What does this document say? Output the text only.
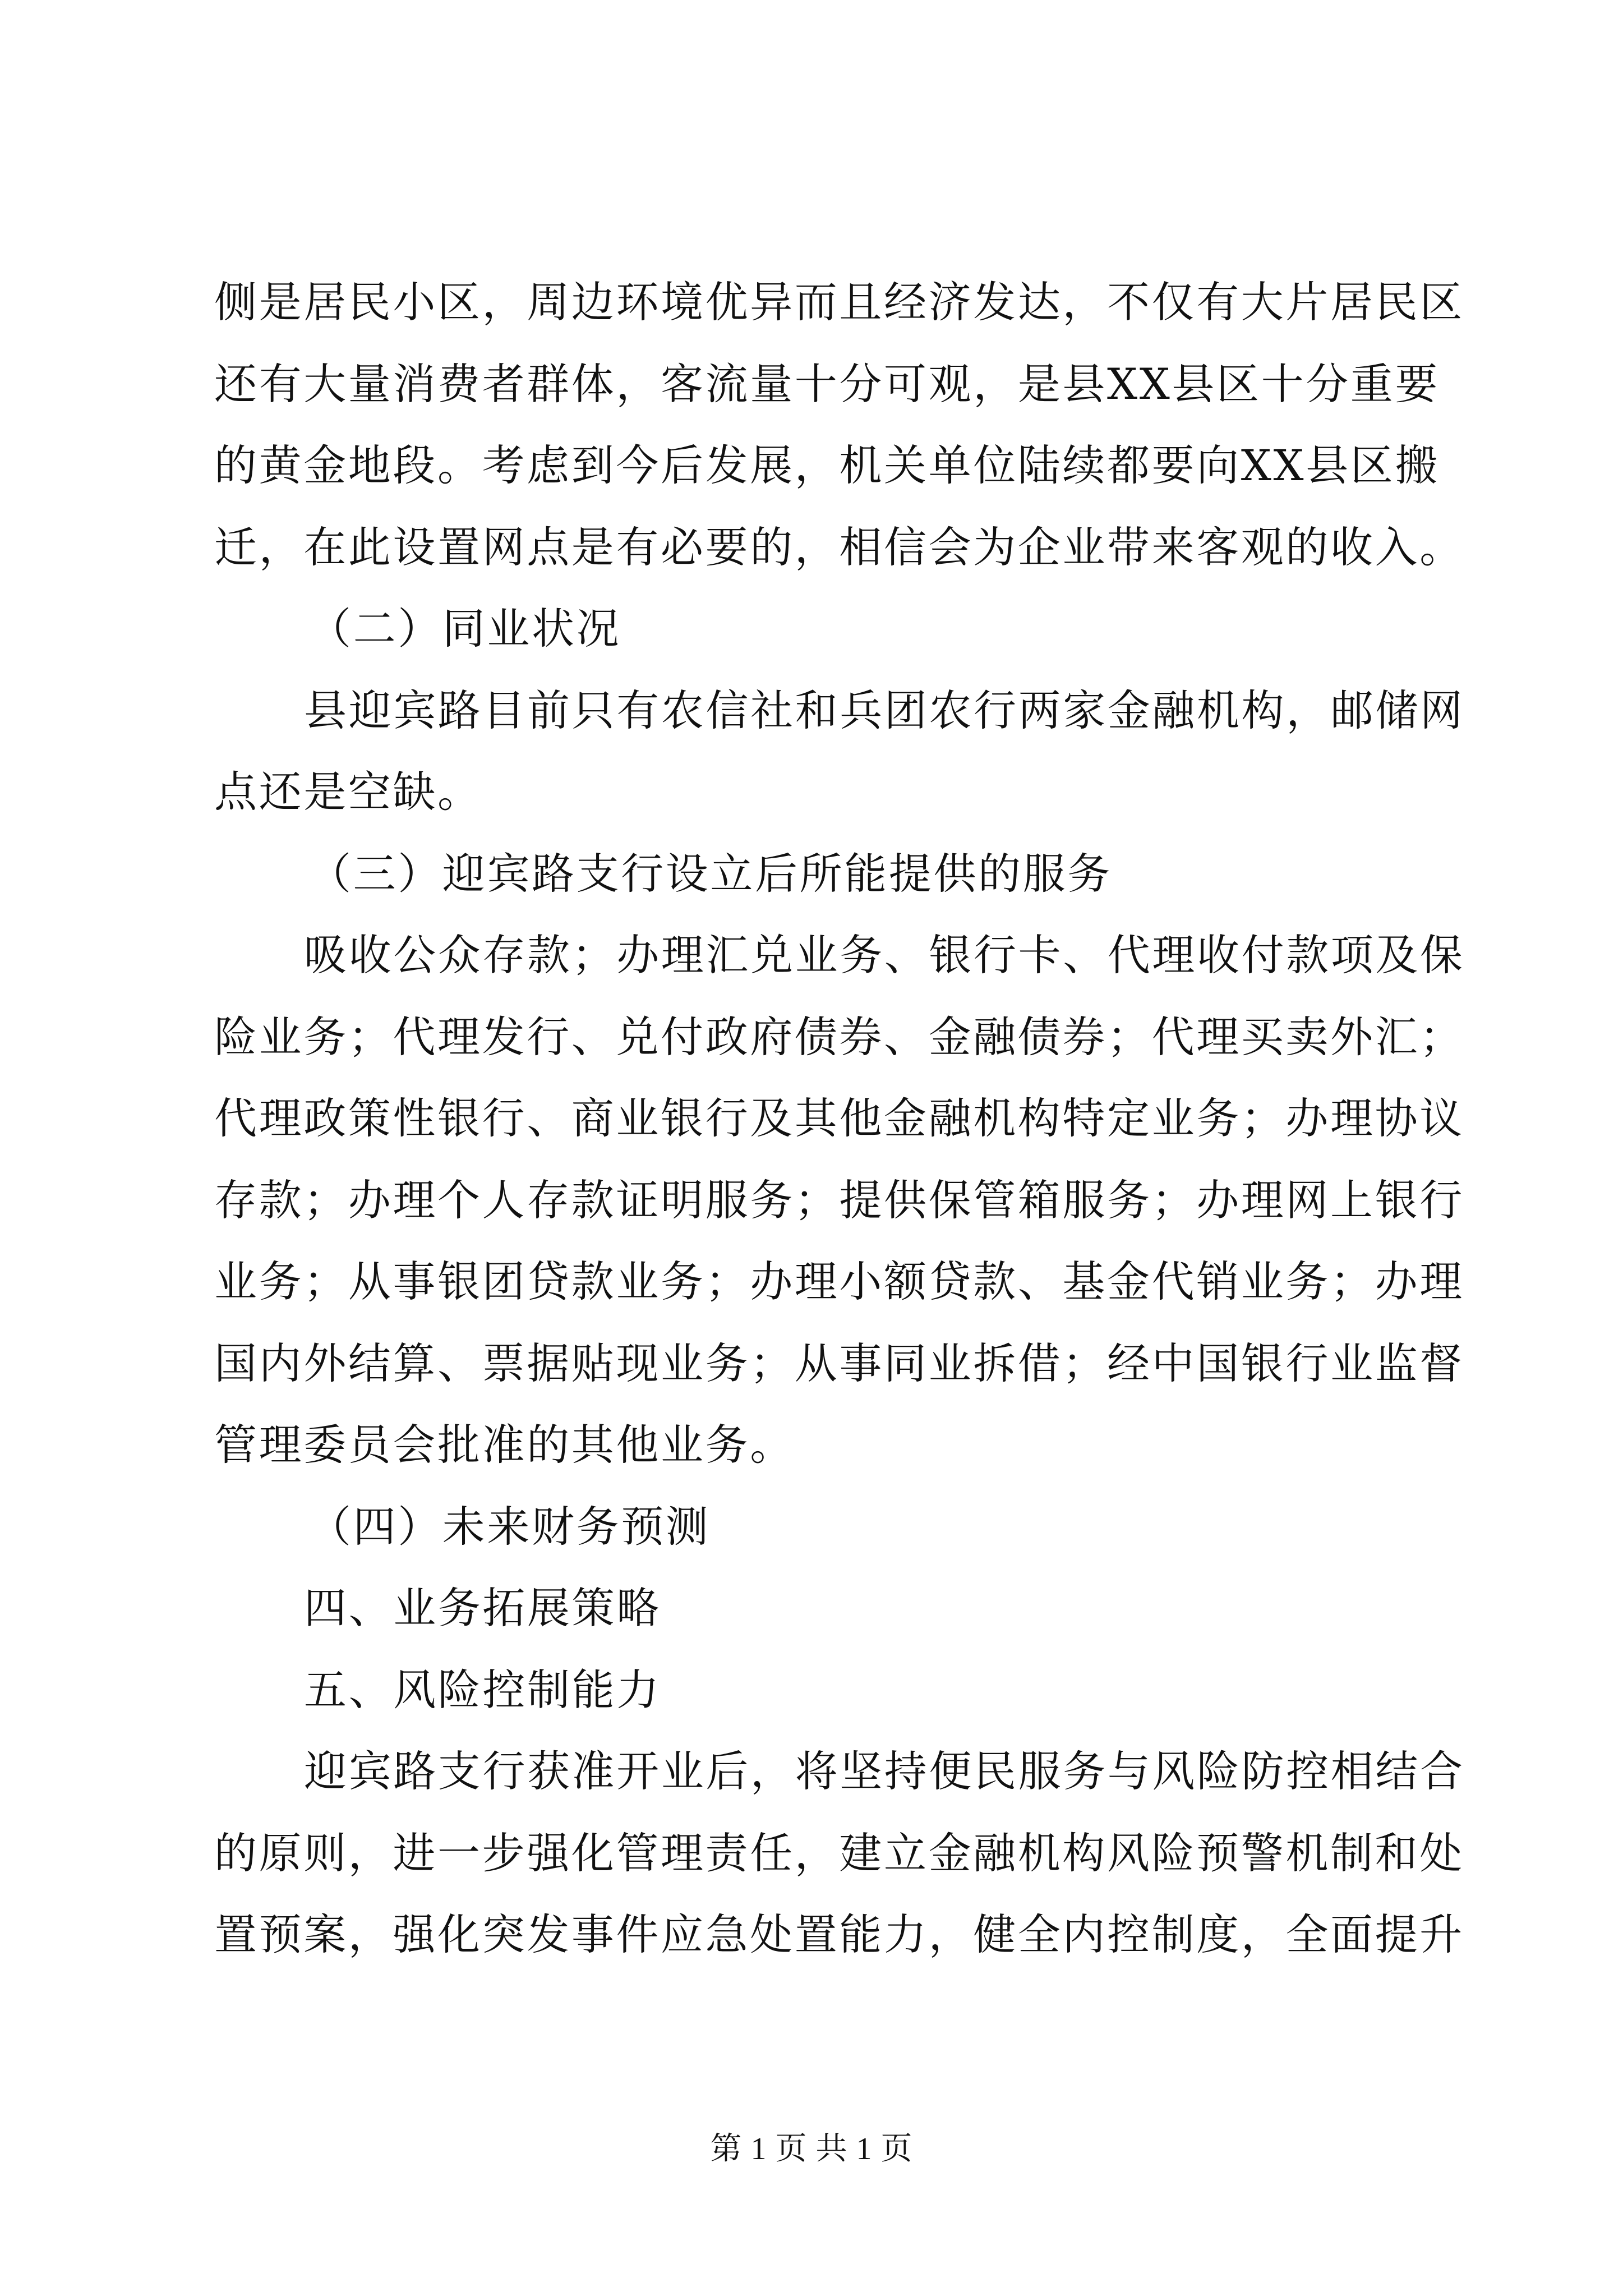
侧是居民小区，周边环境优异而且经济发达，不仅有大片居民区

还有大量消费者群体，客流量十分可观，是县XX县区十分重要

的黄金地段。考虑到今后发展，机关单位陆续都要向XX县区搬

迁，在此设置网点是有必要的，相信会为企业带来客观的收入。

（二）同业状况

县迎宾路目前只有农信社和兵团农行两家金融机构，邮储网

点还是空缺。

（三）迎宾路支行设立后所能提供的服务

吸收公众存款；办理汇兑业务、银行卡、代理收付款项及保

险业务；代理发行、兑付政府债券、金融债券；代理买卖外汇；

代理政策性银行、商业银行及其他金融机构特定业务；办理协议

存款；办理个人存款证明服务；提供保管箱服务；办理网上银行

业务；从事银团贷款业务；办理小额贷款、基金代销业务；办理

国内外结算、票据贴现业务；从事同业拆借；经中国银行业监督

管理委员会批准的其他业务。

（四）未来财务预测

四、业务拓展策略

五、风险控制能力

迎宾路支行获准开业后，将坚持便民服务与风险防控相结合

的原则，进一步强化管理责任，建立金融机构风险预警机制和处

置预案，强化突发事件应急处置能力，健全内控制度，全面提升

第 1 页 共 1 页
